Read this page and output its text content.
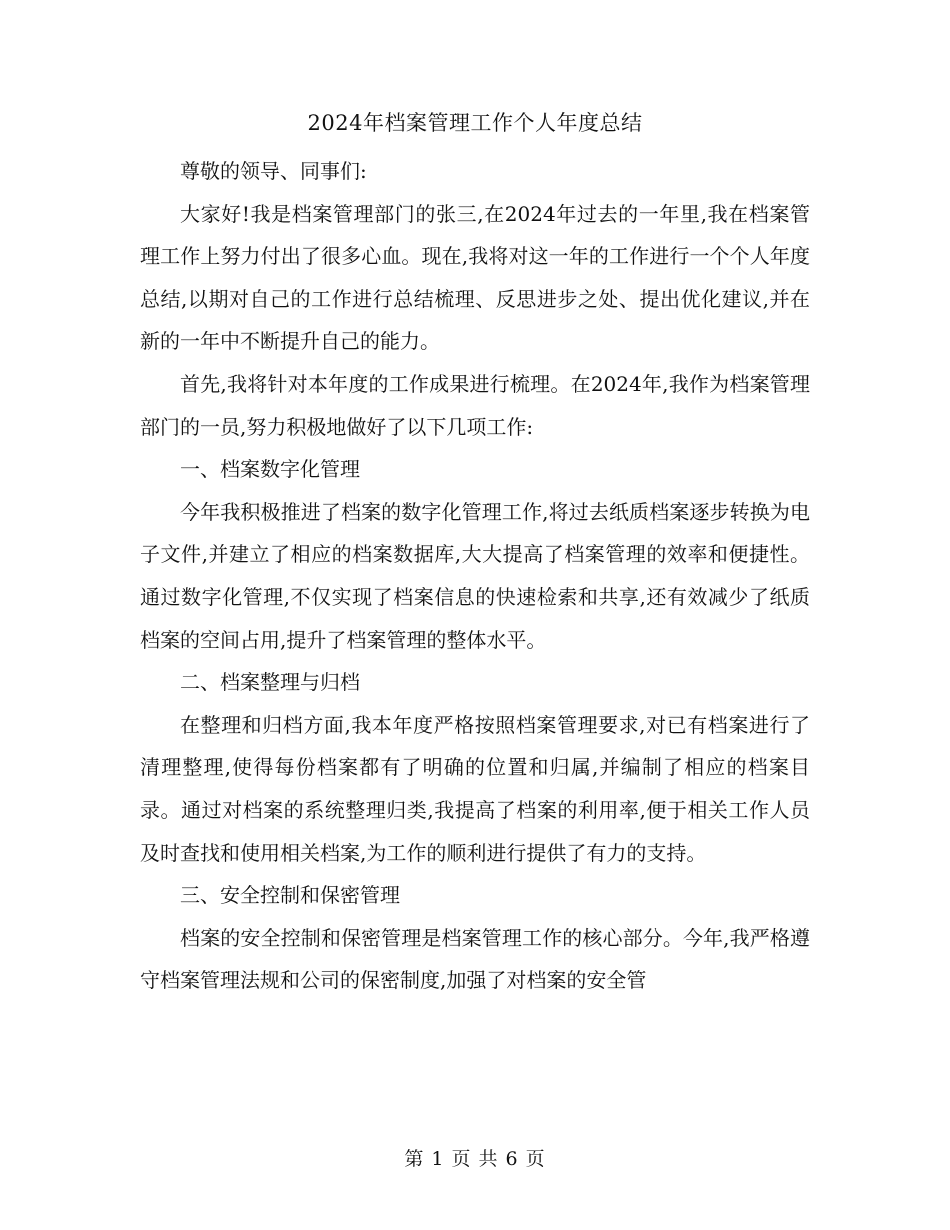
2024年档案管理工作个人年度总结

尊敬的领导、同事们:

大家好!我是档案管理部门的张三,在2024年过去的一年里,我在档案管理工作上努力付出了很多心血。现在,我将对这一年的工作进行一个个人年度总结,以期对自己的工作进行总结梳理、反思进步之处、提出优化建议,并在新的一年中不断提升自己的能力。

首先,我将针对本年度的工作成果进行梳理。在2024年,我作为档案管理部门的一员,努力积极地做好了以下几项工作:

一、档案数字化管理

今年我积极推进了档案的数字化管理工作,将过去纸质档案逐步转换为电子文件,并建立了相应的档案数据库,大大提高了档案管理的效率和便捷性。通过数字化管理,不仅实现了档案信息的快速检索和共享,还有效减少了纸质档案的空间占用,提升了档案管理的整体水平。

二、档案整理与归档

在整理和归档方面,我本年度严格按照档案管理要求,对已有档案进行了清理整理,使得每份档案都有了明确的位置和归属,并编制了相应的档案目录。通过对档案的系统整理归类,我提高了档案的利用率,便于相关工作人员及时查找和使用相关档案,为工作的顺利进行提供了有力的支持。

三、安全控制和保密管理

档案的安全控制和保密管理是档案管理工作的核心部分。今年,我严格遵守档案管理法规和公司的保密制度,加强了对档案的安全管

第 1 页 共 6 页
